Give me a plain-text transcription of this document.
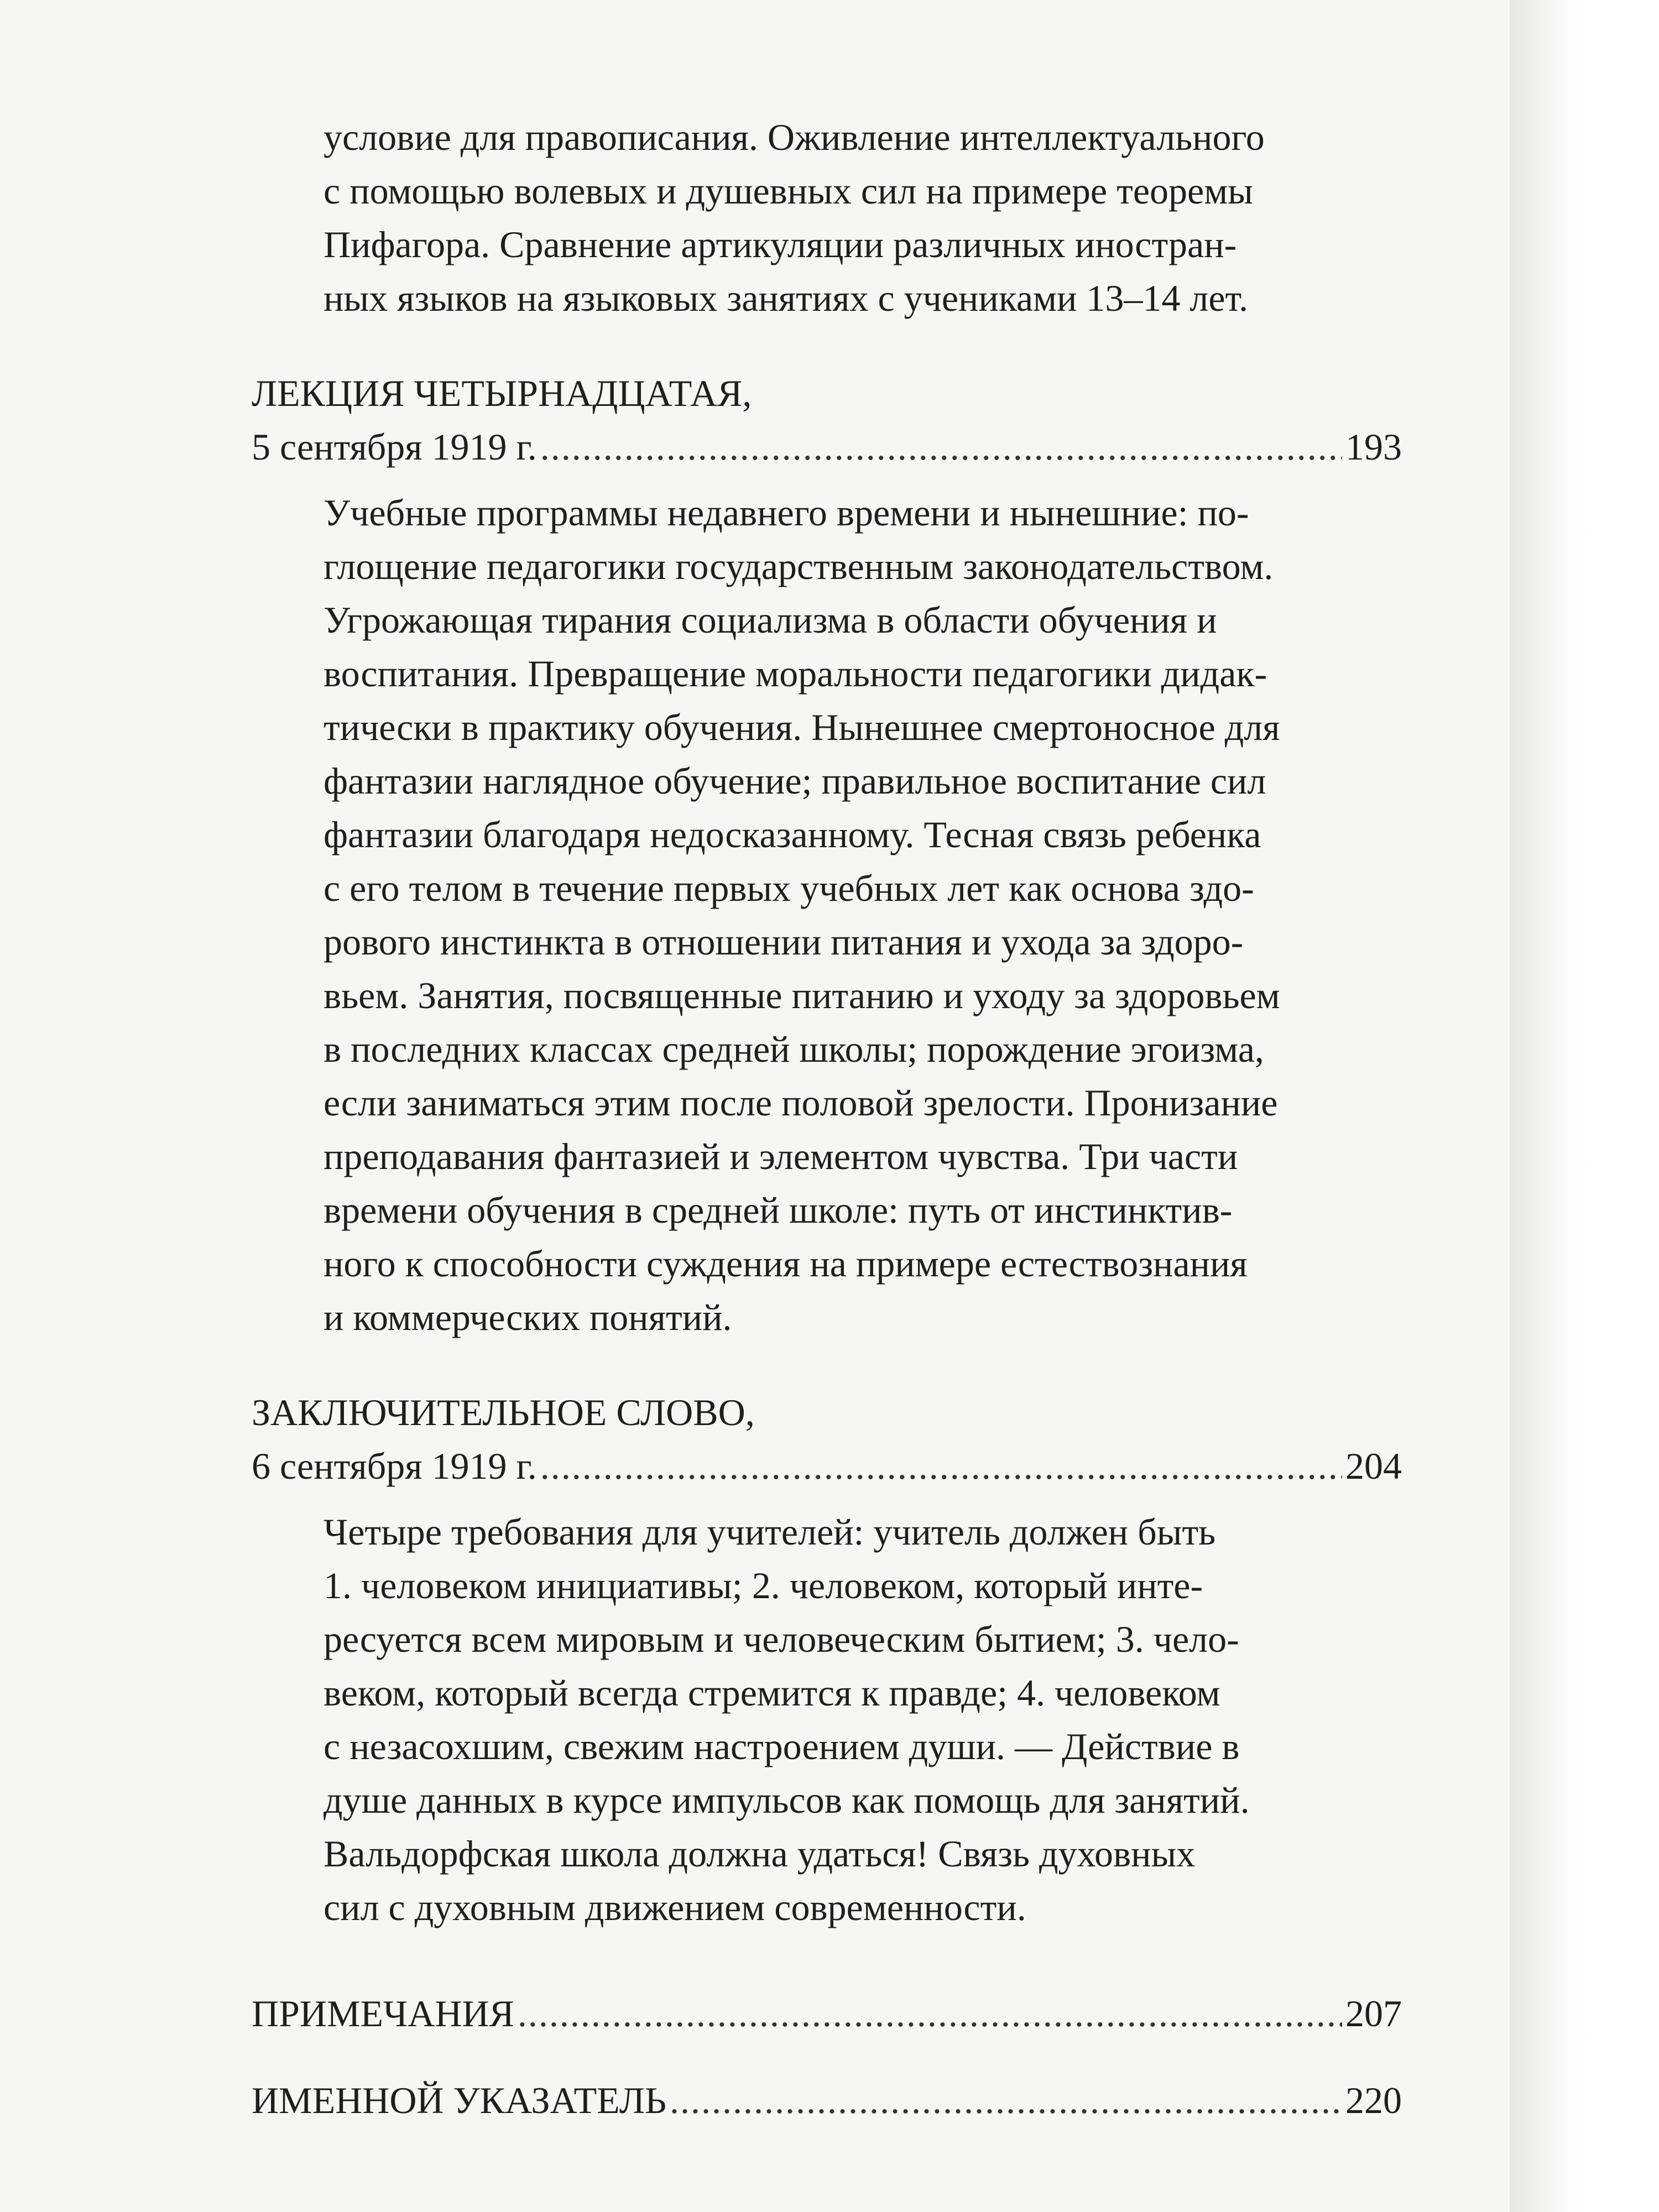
условие для правописания. Оживление интеллектуального

с помощью волевых и душевных сил на примере теоремы

Пифагора. Сравнение артикуляции различных иностран-

ных языков на языковых занятиях с учениками 13–14 лет.

ЛЕКЦИЯ ЧЕТЫРНАДЦАТАЯ,
5 сентября 1919 г. .....	193

Учебные программы недавнего времени и нынешние: по-

глощение педагогики государственным законодательством.

Угрожающая тирания социализма в области обучения и

воспитания. Превращение моральности педагогики дидак-

тически в практику обучения. Нынешнее смертоносное для

фантазии наглядное обучение; правильное воспитание сил

фантазии благодаря недосказанному. Тесная связь ребенка

с его телом в течение первых учебных лет как основа здо-

рового инстинкта в отношении питания и ухода за здоро-

вьем. Занятия, посвященные питанию и уходу за здоровьем

в последних классах средней школы; порождение эгоизма,

если заниматься этим после половой зрелости. Пронизание

преподавания фантазией и элементом чувства. Три части

времени обучения в средней школе: путь от инстинктив-

ного к способности суждения на примере естествознания

и коммерческих понятий.

ЗАКЛЮЧИТЕЛЬНОЕ СЛОВО,
6 сентября 1919 г. .....	204

Четыре требования для учителей: учитель должен быть

1. человеком инициативы; 2. человеком, который инте-

ресуется всем мировым и человеческим бытием; 3. чело-

веком, который всегда стремится к правде; 4. человеком

с незасохшим, свежим настроением души. — Действие в

душе данных в курсе импульсов как помощь для занятий.

Вальдорфская школа должна удаться! Связь духовных

сил с духовным движением современности.

ПРИМЕЧАНИЯ .....	207
ИМЕННОЙ УКАЗАТЕЛЬ .....	220
